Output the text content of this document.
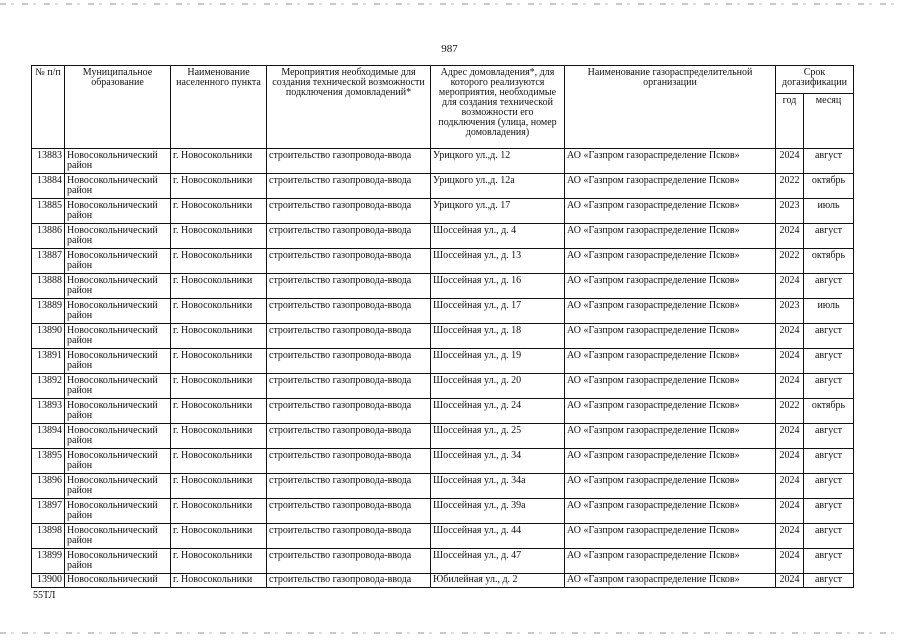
987
№ п/п	Муниципальное образование	Наименование населенного пункта	Мероприятия необходимые для создания технической возможности подключения домовладений*	Адрес домовладения*, для которого реализуются мероприятия, необходимые для создания технической возможности его подключения (улица, номер домовладения)	Наименование газораспределительной организации	Срок догазификации	
						год	месяц
13883	Новосокольнический район	г. Новосокольники	строительство газопровода-ввода	Урицкого ул.,д. 12	АО «Газпром газораспределение Псков»	2024	август
13884	Новосокольнический район	г. Новосокольники	строительство газопровода-ввода	Урицкого ул.,д. 12а	АО «Газпром газораспределение Псков»	2022	октябрь
13885	Новосокольнический район	г. Новосокольники	строительство газопровода-ввода	Урицкого ул.,д. 17	АО «Газпром газораспределение Псков»	2023	июль
13886	Новосокольнический район	г. Новосокольники	строительство газопровода-ввода	Шоссейная ул., д. 4	АО «Газпром газораспределение Псков»	2024	август
13887	Новосокольнический район	г. Новосокольники	строительство газопровода-ввода	Шоссейная ул., д. 13	АО «Газпром газораспределение Псков»	2022	октябрь
13888	Новосокольнический район	г. Новосокольники	строительство газопровода-ввода	Шоссейная ул., д. 16	АО «Газпром газораспределение Псков»	2024	август
13889	Новосокольнический район	г. Новосокольники	строительство газопровода-ввода	Шоссейная ул., д. 17	АО «Газпром газораспределение Псков»	2023	июль
13890	Новосокольнический район	г. Новосокольники	строительство газопровода-ввода	Шоссейная ул., д. 18	АО «Газпром газораспределение Псков»	2024	август
13891	Новосокольнический район	г. Новосокольники	строительство газопровода-ввода	Шоссейная ул., д. 19	АО «Газпром газораспределение Псков»	2024	август
13892	Новосокольнический район	г. Новосокольники	строительство газопровода-ввода	Шоссейная ул., д. 20	АО «Газпром газораспределение Псков»	2024	август
13893	Новосокольнический район	г. Новосокольники	строительство газопровода-ввода	Шоссейная ул., д. 24	АО «Газпром газораспределение Псков»	2022	октябрь
13894	Новосокольнический район	г. Новосокольники	строительство газопровода-ввода	Шоссейная ул., д. 25	АО «Газпром газораспределение Псков»	2024	август
13895	Новосокольнический район	г. Новосокольники	строительство газопровода-ввода	Шоссейная ул., д. 34	АО «Газпром газораспределение Псков»	2024	август
13896	Новосокольнический район	г. Новосокольники	строительство газопровода-ввода	Шоссейная ул., д. 34а	АО «Газпром газораспределение Псков»	2024	август
13897	Новосокольнический район	г. Новосокольники	строительство газопровода-ввода	Шоссейная ул., д. 39а	АО «Газпром газораспределение Псков»	2024	август
13898	Новосокольнический район	г. Новосокольники	строительство газопровода-ввода	Шоссейная ул., д. 44	АО «Газпром газораспределение Псков»	2024	август
13899	Новосокольнический район	г. Новосокольники	строительство газопровода-ввода	Шоссейная ул., д. 47	АО «Газпром газораспределение Псков»	2024	август
13900	Новосокольнический	г. Новосокольники	строительство газопровода-ввода	Юбилейная ул., д. 2	АО «Газпром газораспределение Псков»	2024	август
55ТЛ
